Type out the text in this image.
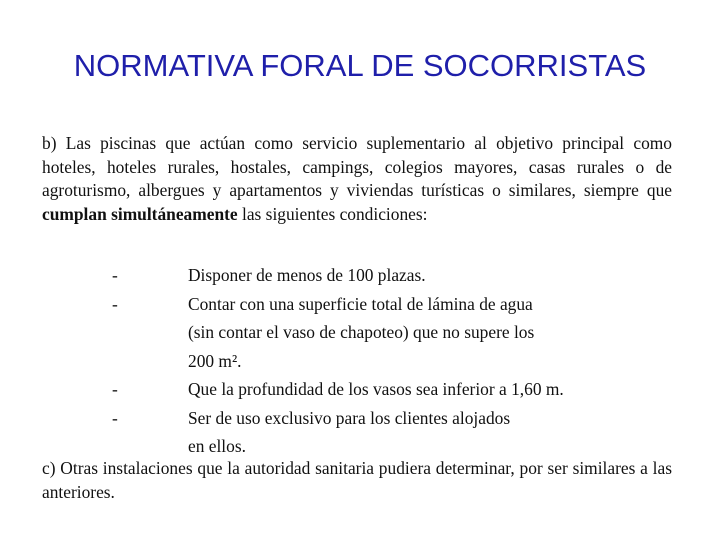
NORMATIVA FORAL DE SOCORRISTAS

b) Las piscinas que actúan como servicio suplementario al objetivo principal como hoteles, hoteles rurales, hostales, campings, colegios mayores, casas rurales o de agroturismo, albergues y apartamentos y viviendas turísticas o similares, siempre que cumplan simultáneamente las siguientes condiciones:

-	Disponer de menos de 100 plazas.
-	Contar con una superficie total de lámina de agua (sin contar el vaso de chapoteo) que no supere los 200 m².
-	Que la profundidad de los vasos sea inferior a 1,60 m.
-	Ser de uso exclusivo para los clientes alojados en ellos.

c) Otras instalaciones que la autoridad sanitaria pudiera determinar, por ser similares a las anteriores.
